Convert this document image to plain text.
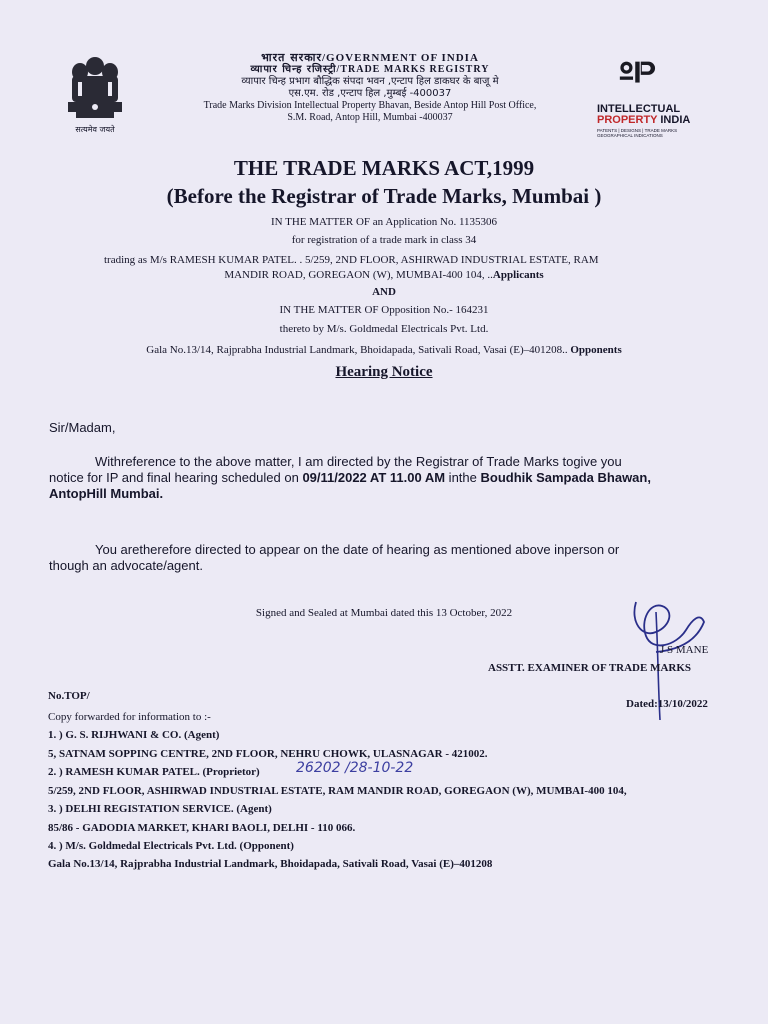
सत्यमेव जयते
भारत सरकार/GOVERNMENT OF INDIA
व्यापार चिन्ह रजिस्ट्री/TRADE MARKS REGISTRY
व्यापार चिन्ह प्रभाग बौद्धिक संपदा भवन ,एन्टाप हिल डाकघर के बाजू मे
एस.एम. रोड ,एन्टाप हिल ,मुम्बई -400037
Trade Marks Division Intellectual Property Bhavan, Beside Antop Hill Post Office,
S.M. Road, Antop Hill, Mumbai -400037
INTELLECTUAL
PROPERTY INDIA
PATENTS | DESIGNS | TRADE MARKS
GEOGRAPHICAL INDICATIONS
THE TRADE MARKS ACT,1999
(Before the Registrar of Trade Marks, Mumbai )
IN THE MATTER OF an Application No. 1135306
for registration of a trade mark in class 34
trading as M/s RAMESH KUMAR PATEL. . 5/259, 2ND FLOOR, ASHIRWAD INDUSTRIAL ESTATE, RAM
MANDIR ROAD, GOREGAON (W), MUMBAI-400 104, ..Applicants
AND
IN THE MATTER OF Opposition No.- 164231
thereto by M/s. Goldmedal Electricals Pvt. Ltd.
Gala No.13/14, Rajprabha Industrial Landmark, Bhoidapada, Sativali Road, Vasai (E)–401208.. Opponents
Hearing Notice
Sir/Madam,
Withreference to the above matter, I am directed by the Registrar of Trade Marks togive you
notice for IP and final hearing scheduled on 09/11/2022 AT 11.00 AM inthe Boudhik Sampada Bhawan,
AntopHill Mumbai.
You aretherefore directed to appear on the date of hearing as mentioned above inperson or
though an advocate/agent.
Signed and Sealed at Mumbai dated this 13 October, 2022
J S MANE
ASSTT. EXAMINER OF TRADE MARKS
No.TOP/
Dated:13/10/2022
Copy forwarded for information to :-
1. ) G. S. RIJHWANI & CO. (Agent)
5, SATNAM SOPPING CENTRE, 2ND FLOOR, NEHRU CHOWK, ULASNAGAR - 421002.
2. ) RAMESH KUMAR PATEL. (Proprietor)	26202 /28-10-22
5/259, 2ND FLOOR, ASHIRWAD INDUSTRIAL ESTATE, RAM MANDIR ROAD, GOREGAON (W), MUMBAI-400 104,
3. ) DELHI REGISTATION SERVICE. (Agent)
85/86 - GADODIA MARKET, KHARI BAOLI, DELHI - 110 066.
4. ) M/s. Goldmedal Electricals Pvt. Ltd. (Opponent)
Gala No.13/14, Rajprabha Industrial Landmark, Bhoidapada, Sativali Road, Vasai (E)–401208
